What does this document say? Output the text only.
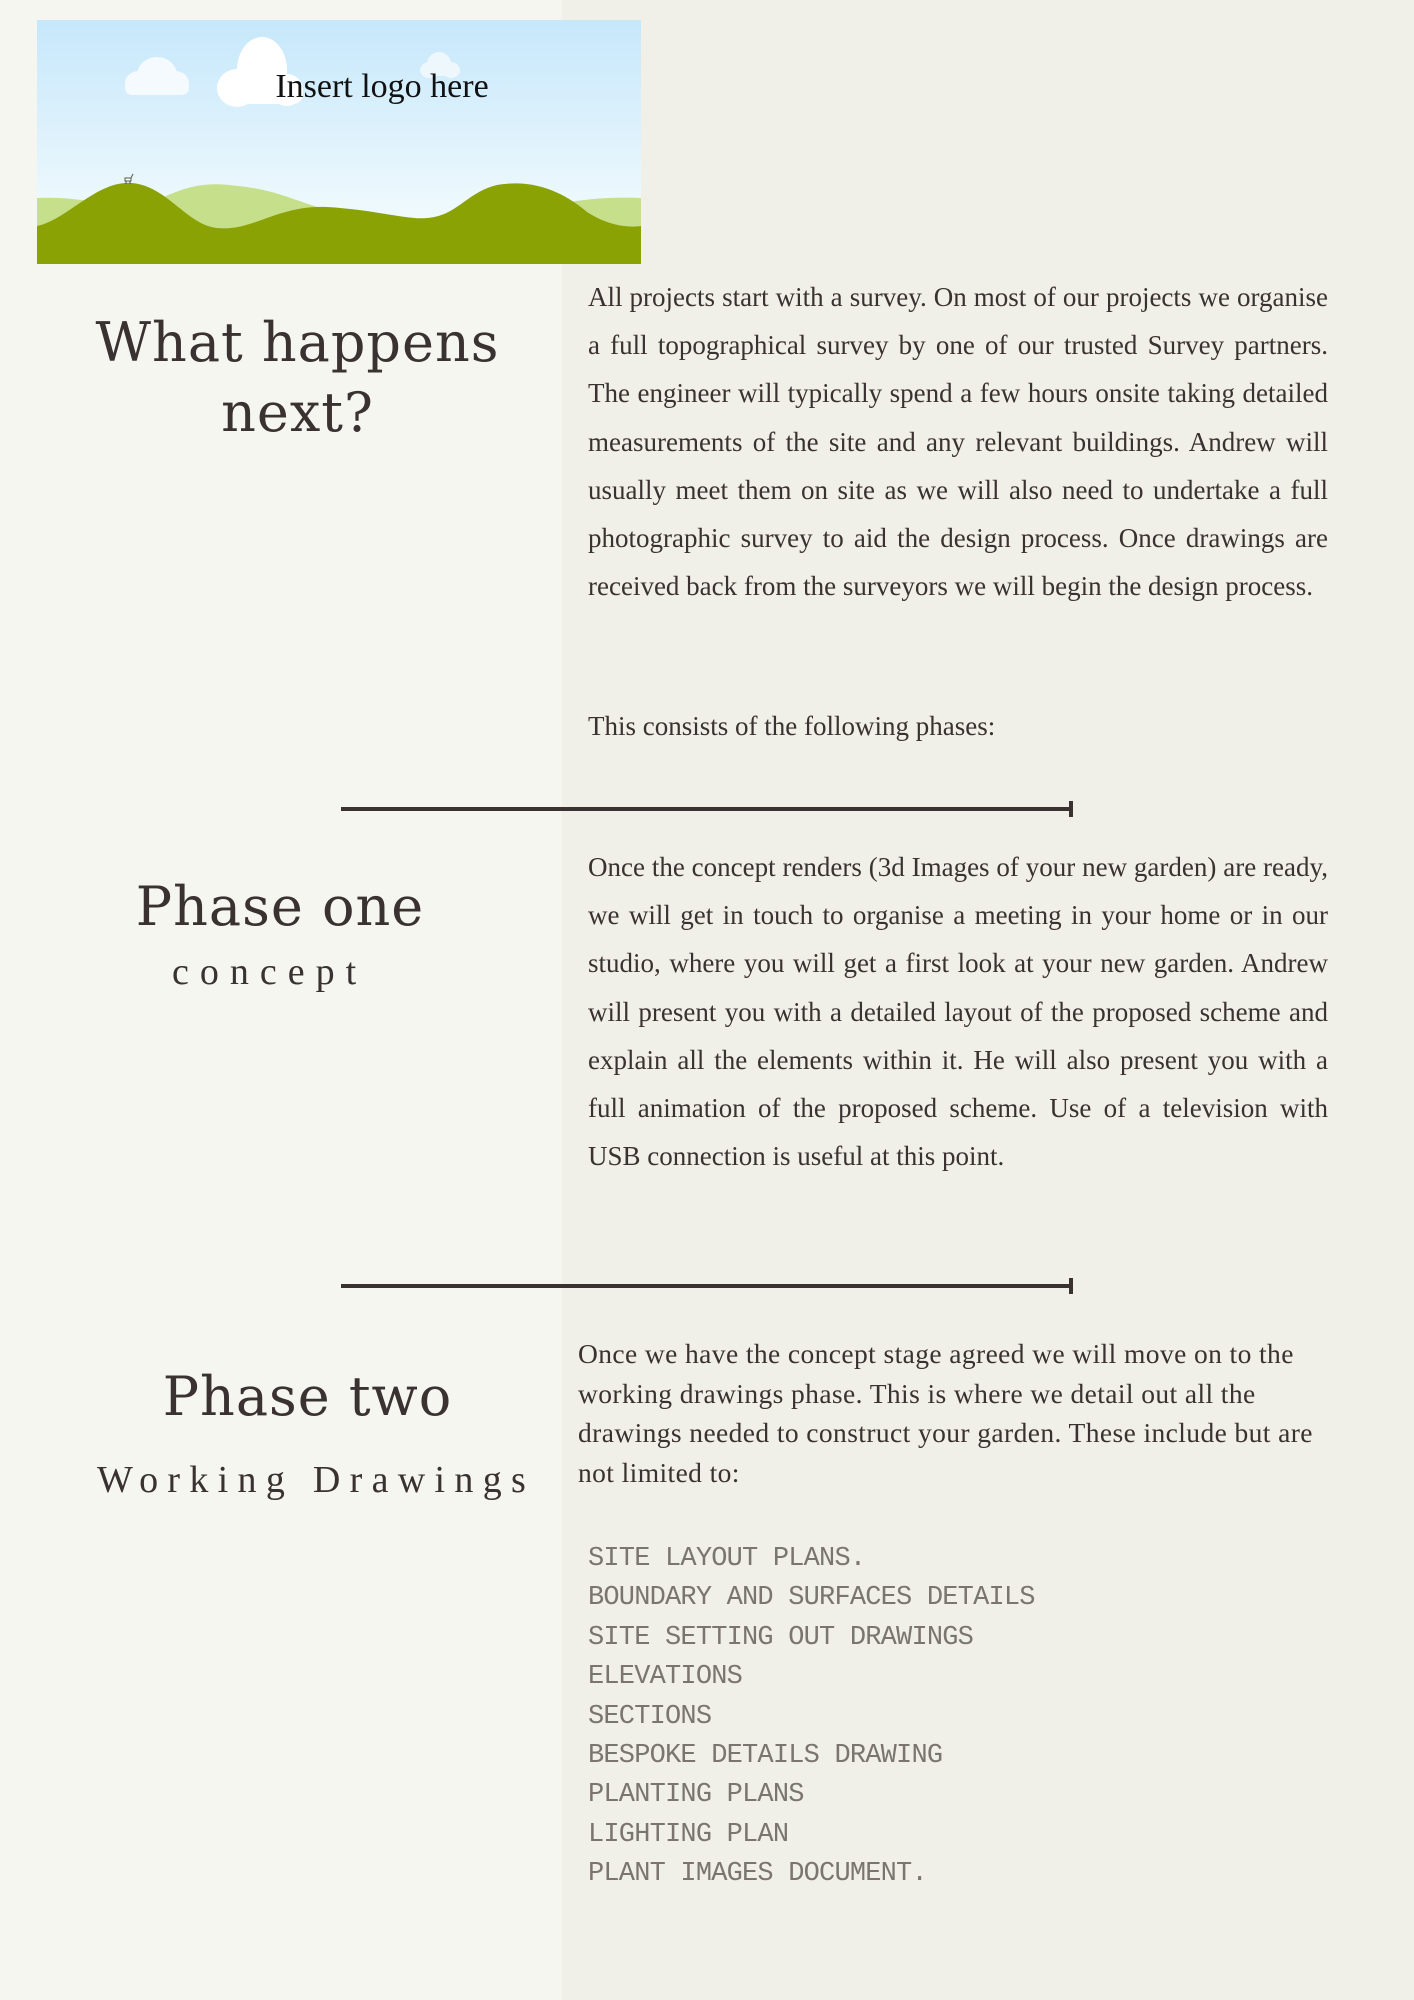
Insert logo here
What happens
next?

All projects start with a survey. On most of our projects we organise a full topographical survey by one of our trusted Survey partners. The engineer will typically spend a few hours onsite taking detailed measurements of the site and any relevant buildings. Andrew will usually meet them on site as we will also need to undertake a full photographic survey to aid the design process. Once drawings are received back from the surveyors we will begin the design process.

This consists of the following phases:

Phase one
concept

Once the concept renders (3d Images of your new garden) are ready, we will get in touch to organise a meeting in your home or in our studio, where you will get a first look at your new garden. Andrew will present you with a detailed layout of the proposed scheme and explain all the elements within it. He will also present you with a full animation of the proposed scheme. Use of a television with USB connection is useful at this point.

Phase two
Working Drawings

Once we have the concept stage agreed we will move on to the working drawings phase. This is where we detail out all the drawings needed to construct your garden. These include but are not limited to:

SITE LAYOUT PLANS.
BOUNDARY AND SURFACES DETAILS
SITE SETTING OUT DRAWINGS
ELEVATIONS
SECTIONS
BESPOKE DETAILS DRAWING
PLANTING PLANS
LIGHTING PLAN
PLANT IMAGES DOCUMENT.
